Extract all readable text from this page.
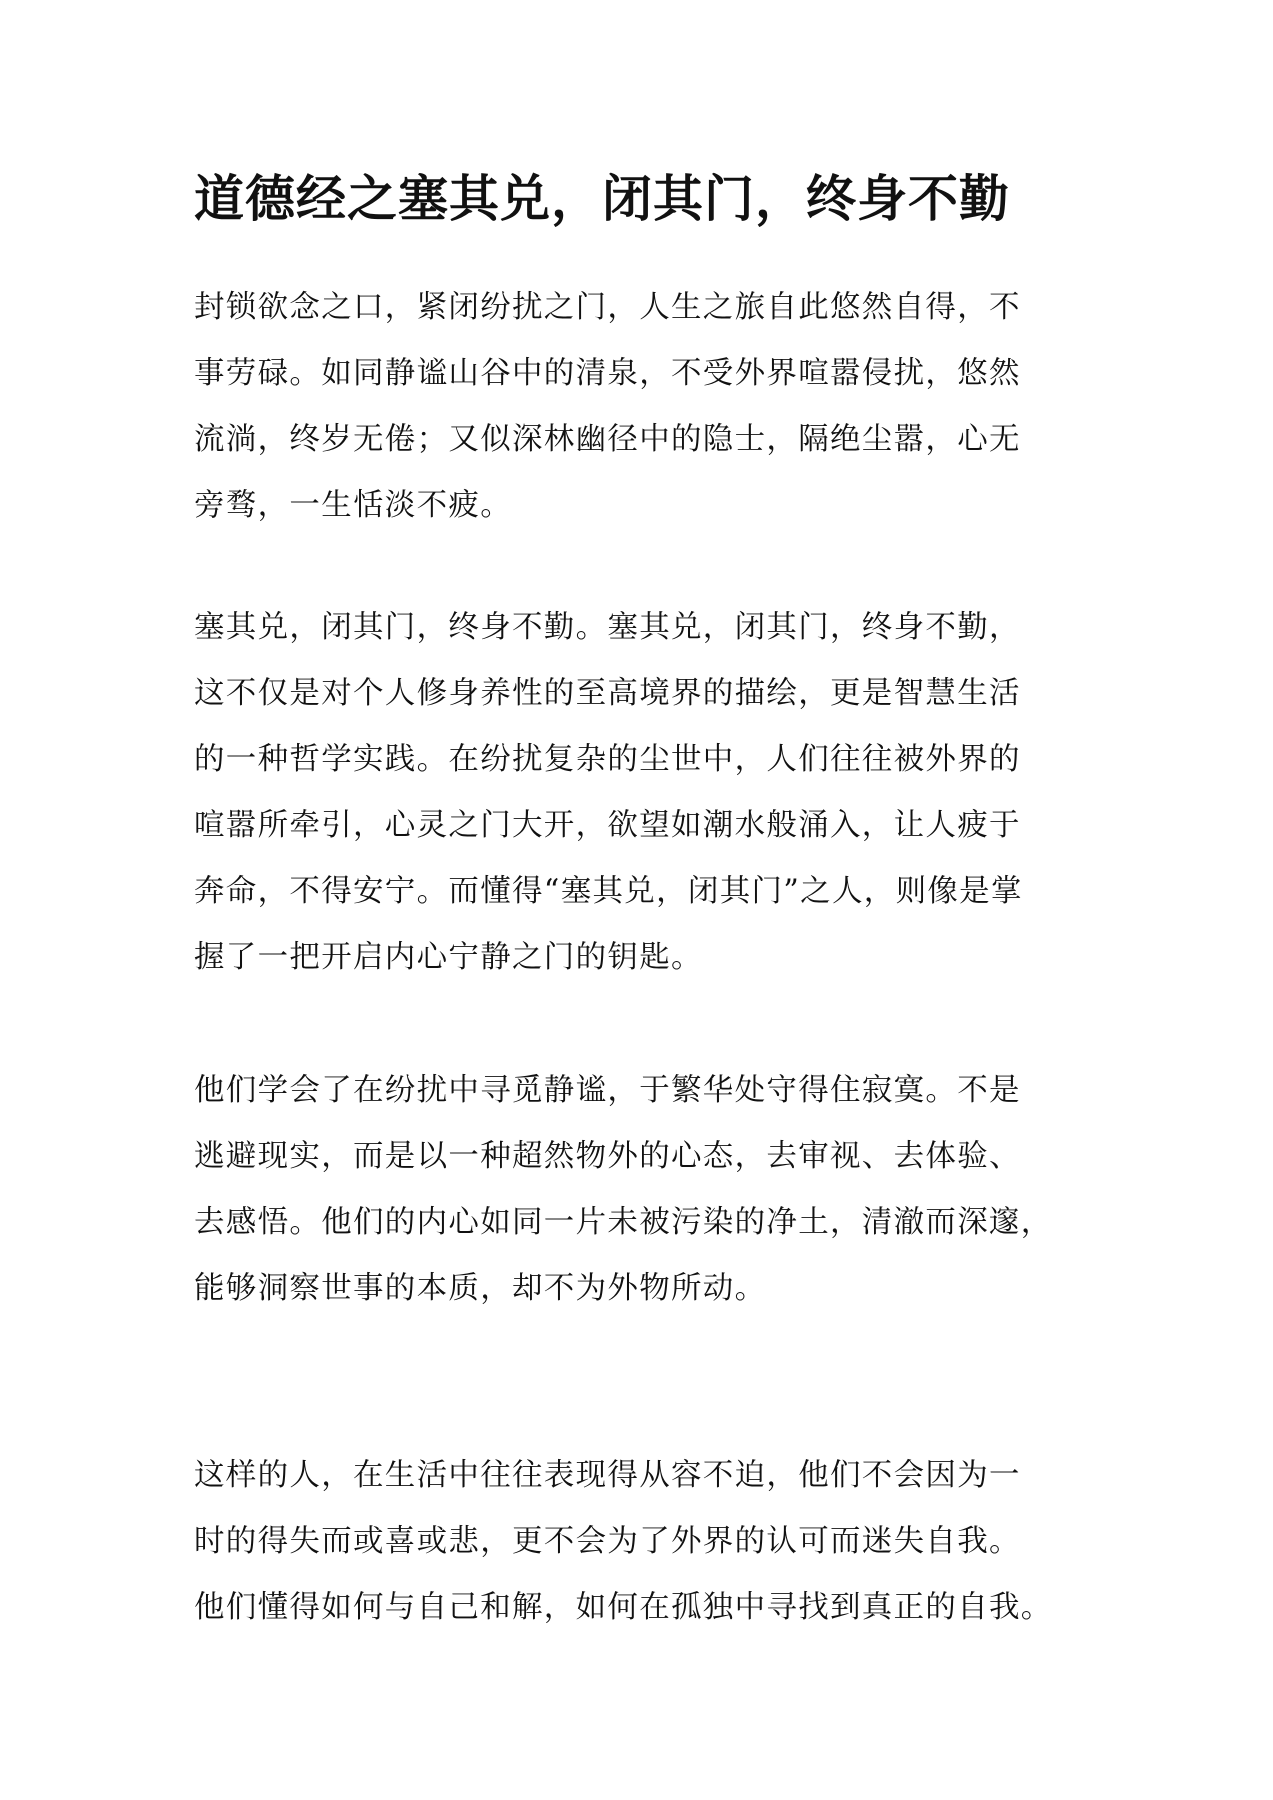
道德经之塞其兑，闭其门，终身不勤
封锁欲念之口，紧闭纷扰之门，人生之旅自此悠然自得，不
事劳碌。如同静谧山谷中的清泉，不受外界喧嚣侵扰，悠然
流淌，终岁无倦；又似深林幽径中的隐士，隔绝尘嚣，心无
旁骛，一生恬淡不疲。
塞其兑，闭其门，终身不勤。塞其兑，闭其门，终身不勤，
这不仅是对个人修身养性的至高境界的描绘，更是智慧生活
的一种哲学实践。在纷扰复杂的尘世中，人们往往被外界的
喧嚣所牵引，心灵之门大开，欲望如潮水般涌入，让人疲于
奔命，不得安宁。而懂得“塞其兑，闭其门”之人，则像是掌
握了一把开启内心宁静之门的钥匙。
他们学会了在纷扰中寻觅静谧，于繁华处守得住寂寞。不是
逃避现实，而是以一种超然物外的心态，去审视、去体验、
去感悟。他们的内心如同一片未被污染的净土，清澈而深邃，
能够洞察世事的本质，却不为外物所动。
这样的人，在生活中往往表现得从容不迫，他们不会因为一
时的得失而或喜或悲，更不会为了外界的认可而迷失自我。
他们懂得如何与自己和解，如何在孤独中寻找到真正的自我。
